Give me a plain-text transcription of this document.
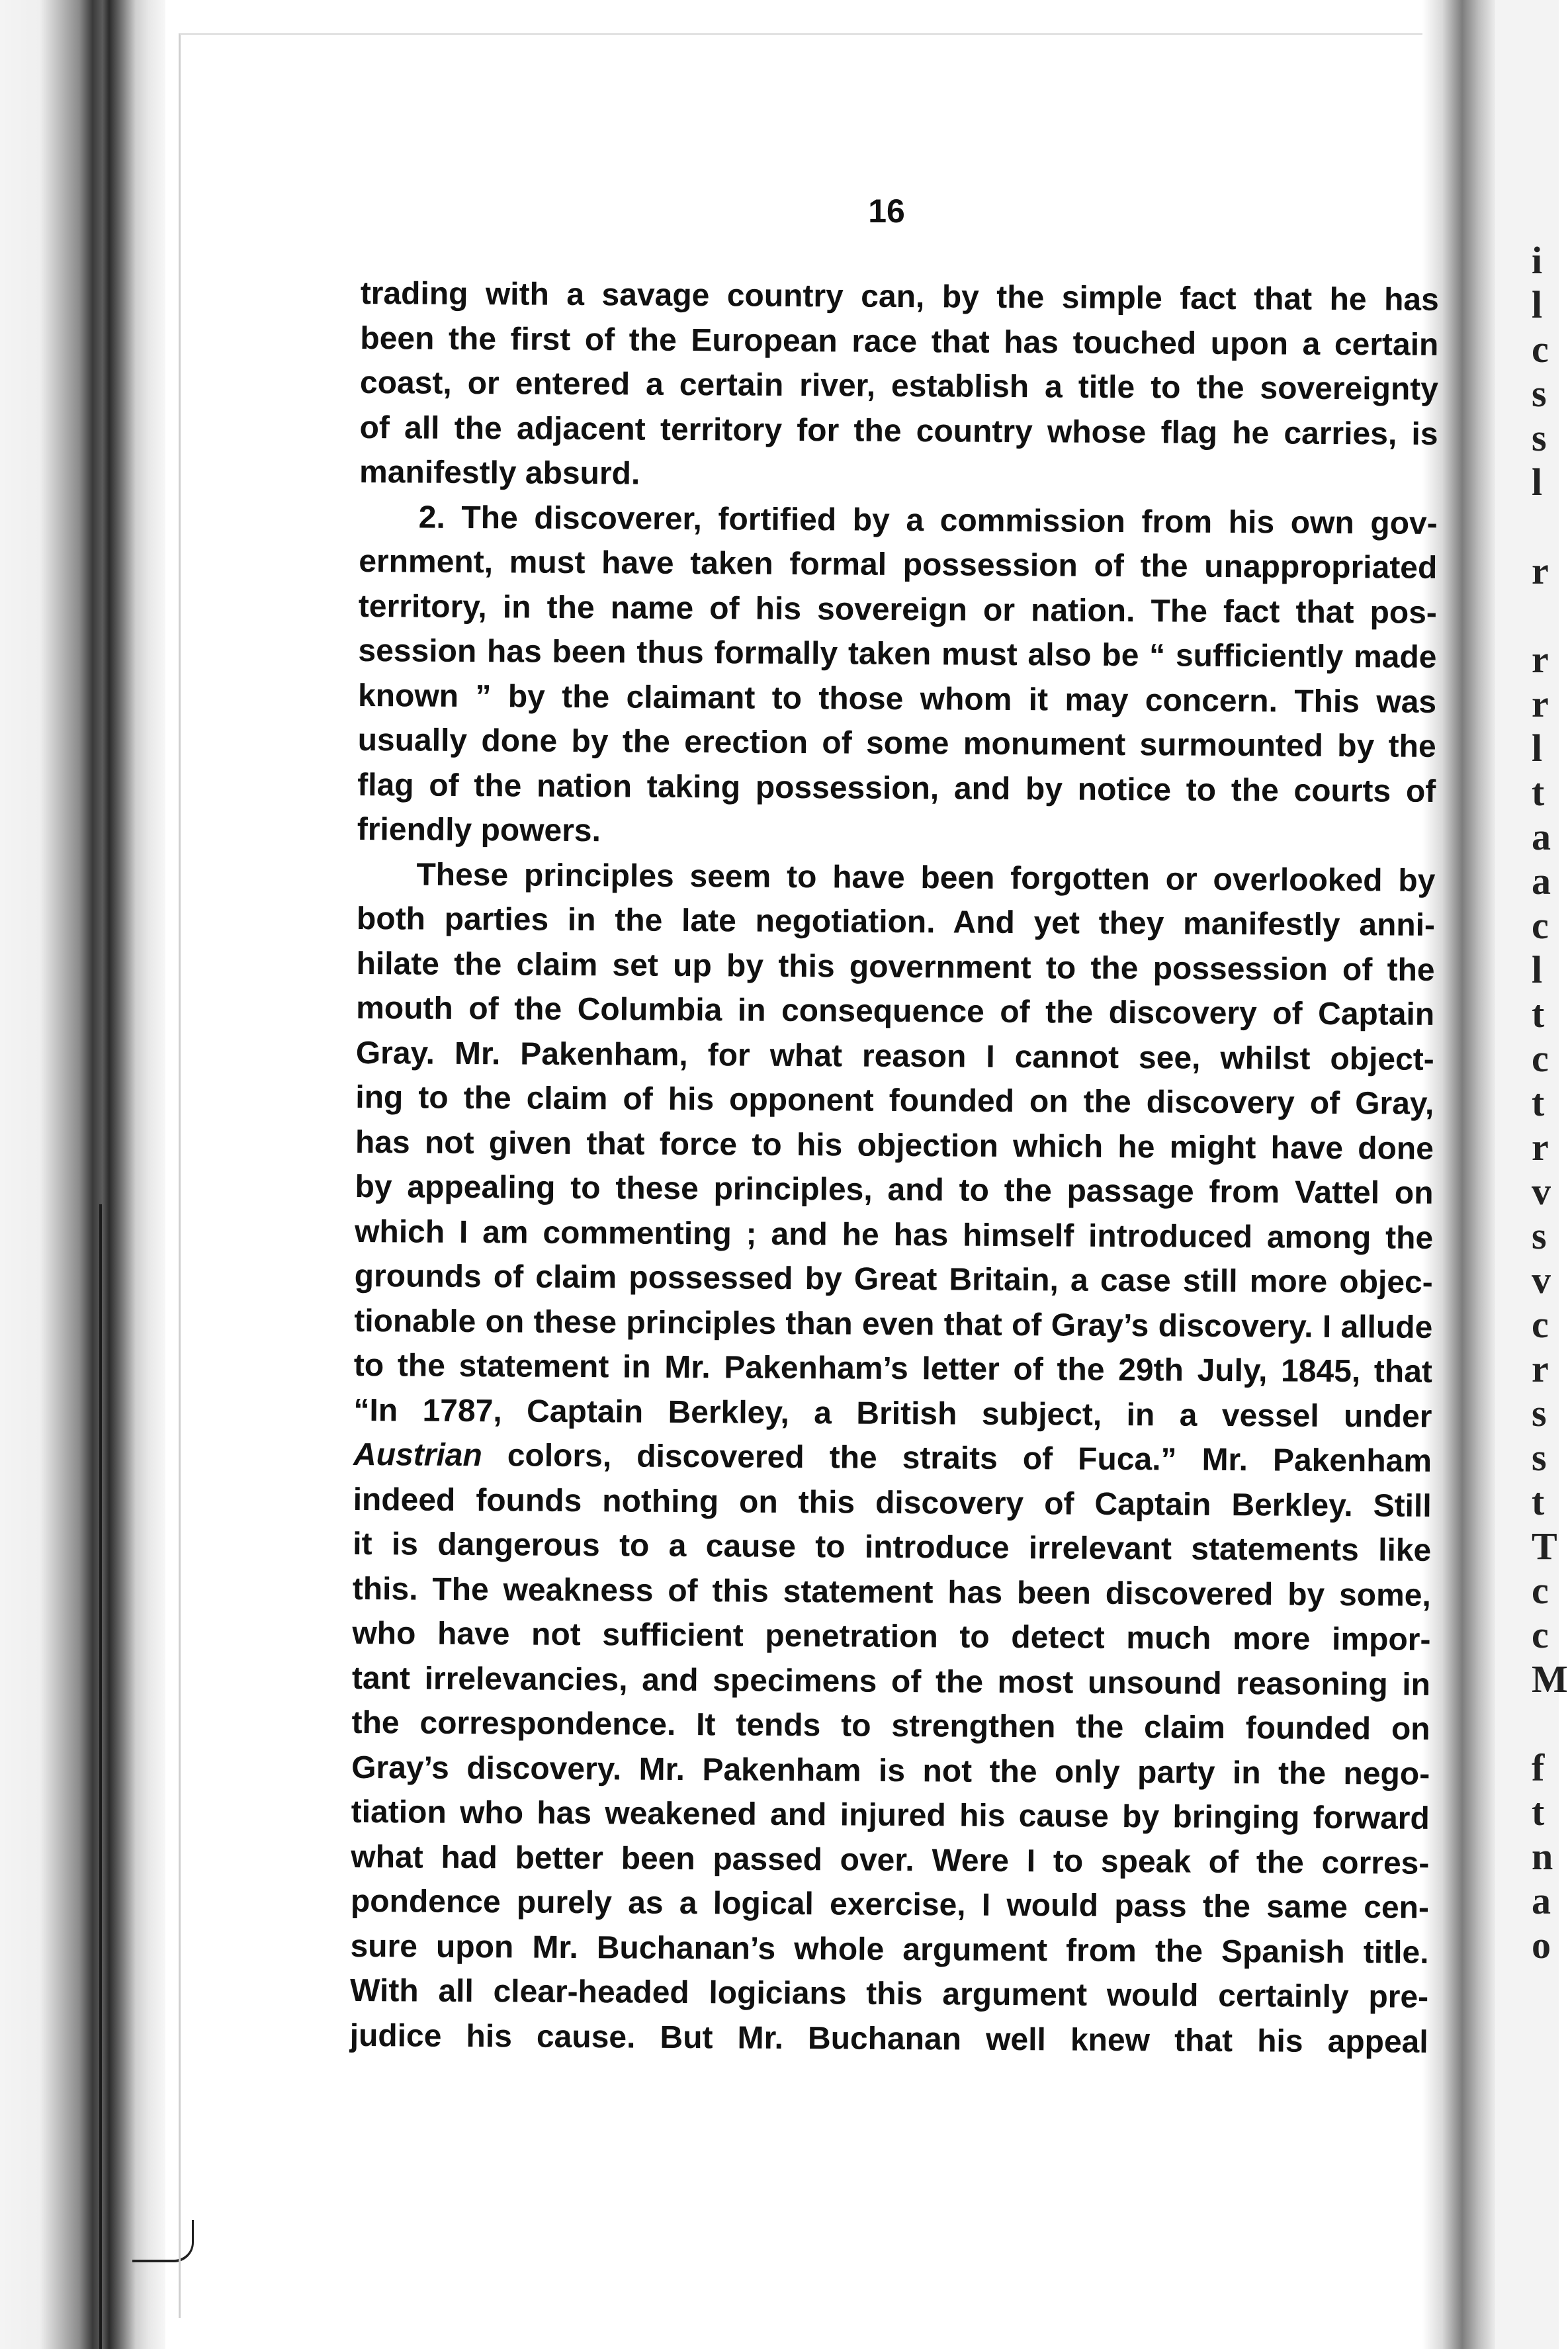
i
l
c
s
s
l
r
r
r
l
t
a
a
c
l
t
c
t
r
v
s
v
c
r
s
s
t
T
c
c
M
f
t
n
a
o
16
trading with a savage country can, by the simple fact that he has
been the first of the European race that has touched upon a certain
coast, or entered a certain river, establish a title to the sovereignty
of all the adjacent territory for the country whose flag he carries, is
manifestly absurd.
2. The discoverer, fortified by a commission from his own gov-
ernment, must have taken formal possession of the unappropriated
territory, in the name of his sovereign or nation. The fact that pos-
session has been thus formally taken must also be “ sufficiently made
known ” by the claimant to those whom it may concern. This was
usually done by the erection of some monument surmounted by the
flag of the nation taking possession, and by notice to the courts of
friendly powers.
These principles seem to have been forgotten or overlooked by
both parties in the late negotiation. And yet they manifestly anni-
hilate the claim set up by this government to the possession of the
mouth of the Columbia in consequence of the discovery of Captain
Gray. Mr. Pakenham, for what reason I cannot see, whilst object-
ing to the claim of his opponent founded on the discovery of Gray,
has not given that force to his objection which he might have done
by appealing to these principles, and to the passage from Vattel on
which I am commenting ; and he has himself introduced among the
grounds of claim possessed by Great Britain, a case still more objec-
tionable on these principles than even that of Gray’s discovery. I allude
to the statement in Mr. Pakenham’s letter of the 29th July, 1845, that
“In 1787, Captain Berkley, a British subject, in a vessel under
Austrian colors, discovered the straits of Fuca.” Mr. Pakenham
indeed founds nothing on this discovery of Captain Berkley. Still
it is dangerous to a cause to introduce irrelevant statements like
this. The weakness of this statement has been discovered by some,
who have not sufficient penetration to detect much more impor-
tant irrelevancies, and specimens of the most unsound reasoning in
the correspondence. It tends to strengthen the claim founded on
Gray’s discovery. Mr. Pakenham is not the only party in the nego-
tiation who has weakened and injured his cause by bringing forward
what had better been passed over. Were I to speak of the corres-
pondence purely as a logical exercise, I would pass the same cen-
sure upon Mr. Buchanan’s whole argument from the Spanish title.
With all clear-headed logicians this argument would certainly pre-
judice his cause. But Mr. Buchanan well knew that his appeal
